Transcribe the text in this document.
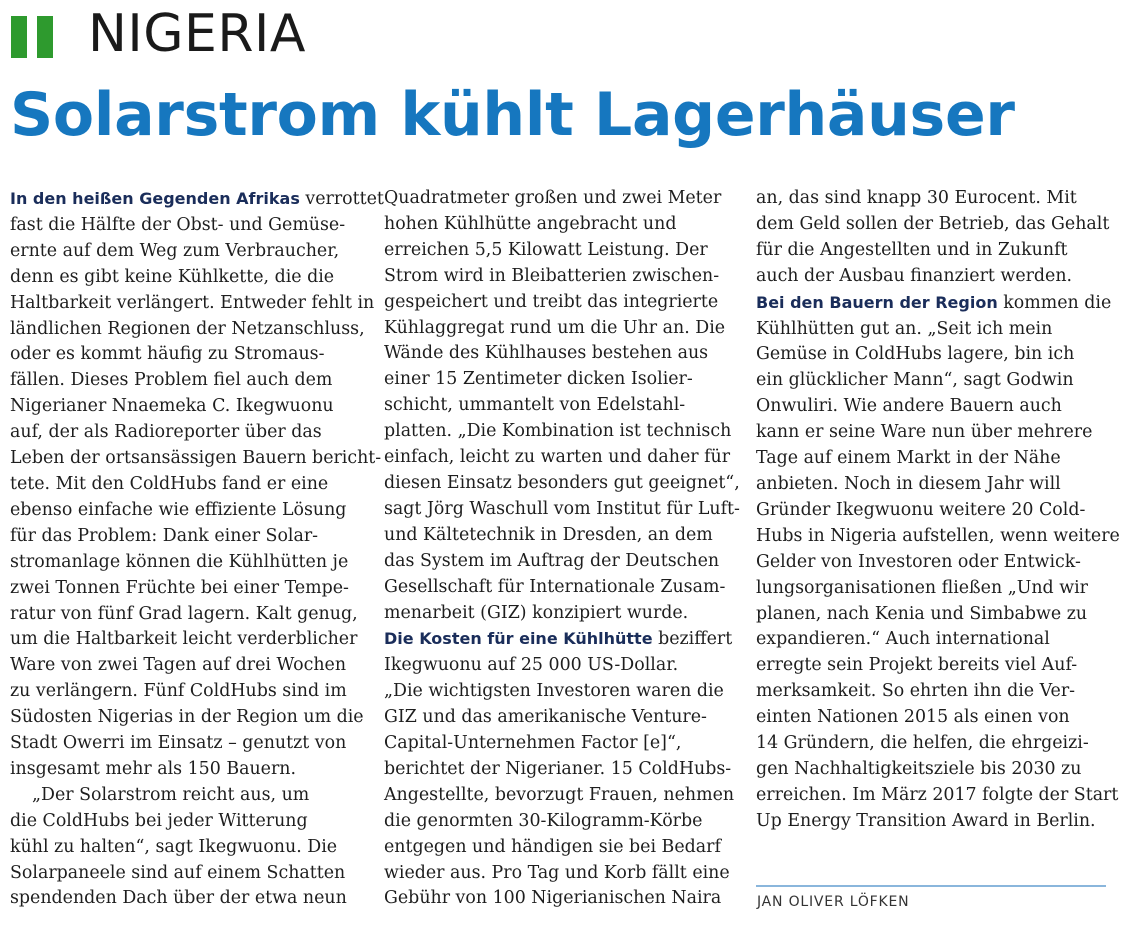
NIGERIA
Solarstrom kühlt Lagerhäuser
In den heißen Gegenden Afrikas verrottet
fast die Hälfte der Obst- und Gemüse-
ernte auf dem Weg zum Verbraucher,
denn es gibt keine Kühlkette, die die
Haltbarkeit verlängert. Entweder fehlt in
ländlichen Regionen der Netzanschluss,
oder es kommt häufig zu Stromaus-
fällen. Dieses Problem fiel auch dem
Nigerianer Nnaemeka C. Ikegwuonu
auf, der als Radioreporter über das
Leben der ortsansässigen Bauern bericht-
tete. Mit den ColdHubs fand er eine
ebenso einfache wie effiziente Lösung
für das Problem: Dank einer Solar-
stromanlage können die Kühlhütten je
zwei Tonnen Früchte bei einer Tempe-
ratur von fünf Grad lagern. Kalt genug,
um die Haltbarkeit leicht verderblicher
Ware von zwei Tagen auf drei Wochen
zu verlängern. Fünf ColdHubs sind im
Südosten Nigerias in der Region um die
Stadt Owerri im Einsatz – genutzt von
insgesamt mehr als 150 Bauern.
„Der Solarstrom reicht aus, um
die ColdHubs bei jeder Witterung
kühl zu halten“, sagt Ikegwuonu. Die
Solarpaneele sind auf einem Schatten
spendenden Dach über der etwa neun
Quadratmeter großen und zwei Meter
hohen Kühlhütte angebracht und
erreichen 5,5 Kilowatt Leistung. Der
Strom wird in Bleibatterien zwischen-
gespeichert und treibt das integrierte
Kühlaggregat rund um die Uhr an. Die
Wände des Kühlhauses bestehen aus
einer 15 Zentimeter dicken Isolier-
schicht, ummantelt von Edelstahl-
platten. „Die Kombination ist technisch
einfach, leicht zu warten und daher für
diesen Einsatz besonders gut geeignet“,
sagt Jörg Waschull vom Institut für Luft-
und Kältetechnik in Dresden, an dem
das System im Auftrag der Deutschen
Gesellschaft für Internationale Zusam-
menarbeit (GIZ) konzipiert wurde.
Die Kosten für eine Kühlhütte beziffert
Ikegwuonu auf 25 000 US-Dollar.
„Die wichtigsten Investoren waren die
GIZ und das amerikanische Venture-
Capital-Unternehmen Factor [e]“,
berichtet der Nigerianer. 15 ColdHubs-
Angestellte, bevorzugt Frauen, nehmen
die genormten 30-Kilogramm-Körbe
entgegen und händigen sie bei Bedarf
wieder aus. Pro Tag und Korb fällt eine
Gebühr von 100 Nigerianischen Naira
an, das sind knapp 30 Eurocent. Mit
dem Geld sollen der Betrieb, das Gehalt
für die Angestellten und in Zukunft
auch der Ausbau finanziert werden.
Bei den Bauern der Region kommen die
Kühlhütten gut an. „Seit ich mein
Gemüse in ColdHubs lagere, bin ich
ein glücklicher Mann“, sagt Godwin
Onwuliri. Wie andere Bauern auch
kann er seine Ware nun über mehrere
Tage auf einem Markt in der Nähe
anbieten. Noch in diesem Jahr will
Gründer Ikegwuonu weitere 20 Cold-
Hubs in Nigeria aufstellen, wenn weitere
Gelder von Investoren oder Entwick-
lungsorganisationen fließen „Und wir
planen, nach Kenia und Simbabwe zu
expandieren.“ Auch international
erregte sein Projekt bereits viel Auf-
merksamkeit. So ehrten ihn die Ver-
einten Nationen 2015 als einen von
14 Gründern, die helfen, die ehrgeizi-
gen Nachhaltigkeitsziele bis 2030 zu
erreichen. Im März 2017 folgte der Start
Up Energy Transition Award in Berlin.
JAN OLIVER LÖFKEN
